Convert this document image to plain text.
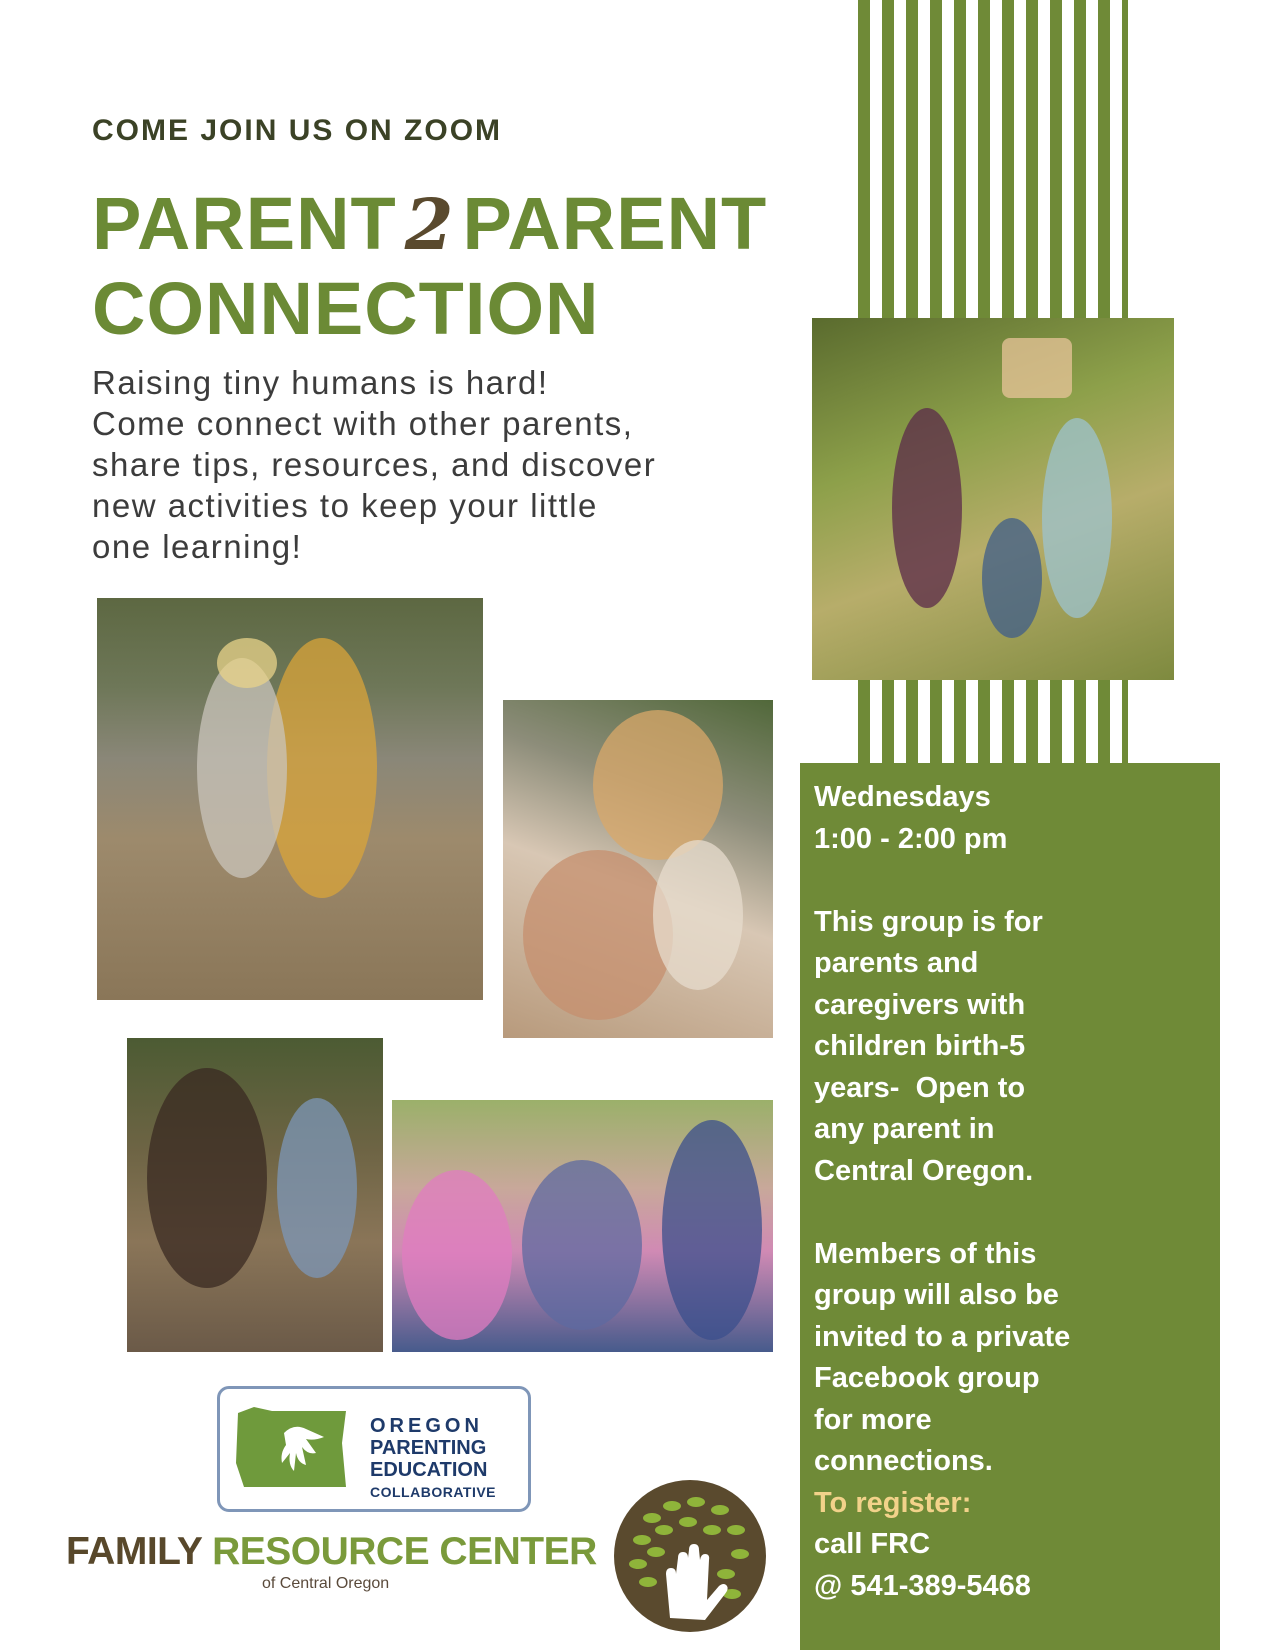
COME JOIN US ON ZOOM
PARENT 2 PARENT
CONNECTION
Raising tiny humans is hard!
Come connect with other parents,
share tips, resources, and discover
new activities to keep your little
one learning!
Wednesdays
1:00 - 2:00 pm
This group is for
parents and
caregivers with
children birth-5
years-  Open to
any parent in
Central Oregon.
Members of this
group will also be
invited to a private
Facebook group
for more
connections.
To register:
call FRC
@ 541-389-5468
OREGON
PARENTING
EDUCATION
COLLABORATIVE
FAMILY RESOURCE CENTER
of Central Oregon
